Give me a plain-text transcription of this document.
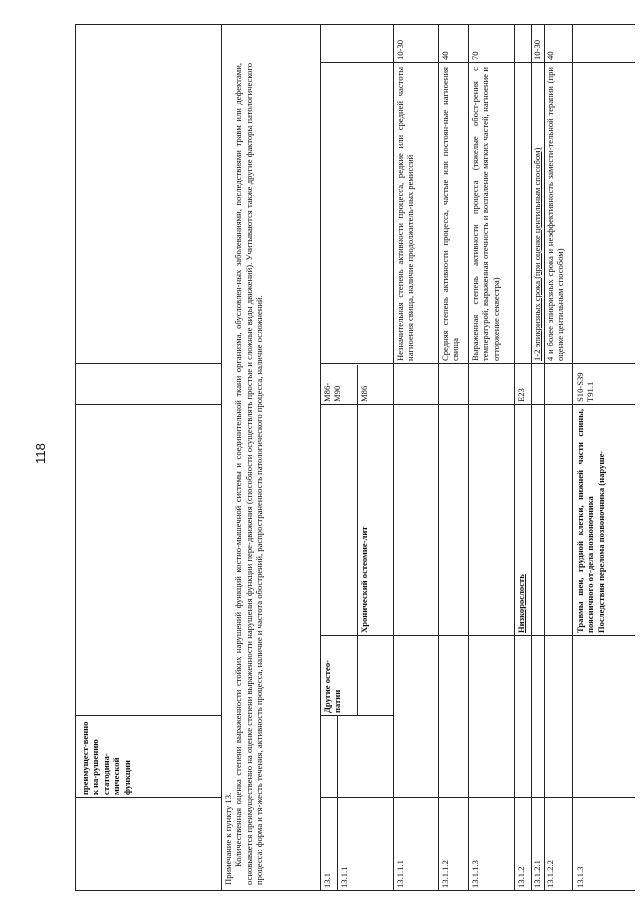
118
преимущест-венно к на-рушению статодина-мической функции
Примечание к пункту 13. Количественная оценка степени выраженности стойких нарушений функций костно-мышечной системы и соединительной ткани организма, обусловлен-ных заболеваниями, последствиями травм или дефектами, основывается преимущественно на оценке степени выраженности нарушения функции пере-движения (способности осуществлять простые и сложные виды движений). Учитываются также другие факторы патологического процесса: форма и тя-жесть течения, активность процесса, наличие и частота обострений, распространенность патологического процесса, наличие осложнений.	13.1
Другие остео-патии
M86-M90
13.1.1
Хронический остеомие-лит
M86
13.1.1.1
Незначительная степень активности процесса, редкие или средней частоты нагноения свища, наличие продолжитель-ных ремиссий
10-30
13.1.1.2
Средняя степень активности процесса, частые или постоян-ные нагноения свища
40
13.1.1.3
Выраженная степень активности процесса (тяжелые обост-рения с температурой, выраженная отечность и воспаление мягких частей, нагноение и отторжение секвестра)
70
13.1.2
Низкорослость
E23
13.1.2.1
1-2 эпикризных срока (при оценке центильным способом)
10-30
13.1.2.2
4 и более эпикризных срока и неэффективность замести-тельной терапии (при оценке центильным способом)
40
13.1.3
Травмы шеи, грудной клетки, нижней части спины, поясничного от-дела позвоночника Последствия перелома позвоночника (наруше-
S10-S39 T91.1
